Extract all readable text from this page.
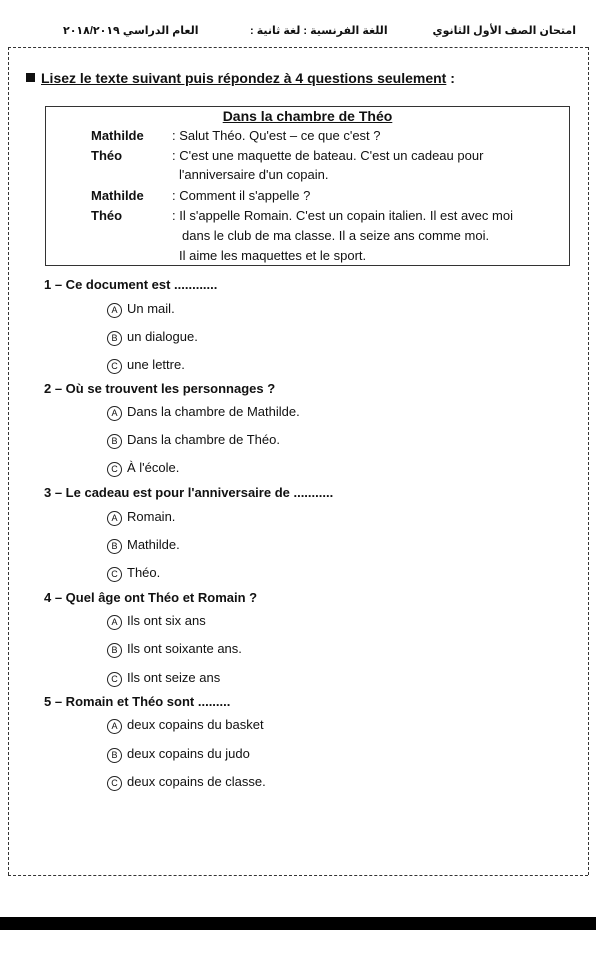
امتحان الصف الأول الثانوي
اللغة الفرنسية : لغة ثانية :
العام الدراسي ٢٠١٨/٢٠١٩
Lisez le texte suivant puis répondez à 4 questions seulement :
Dans la chambre de Théo
Mathilde : Salut Théo. Qu'est – ce que c'est ?
Théo	: C'est une maquette de bateau. C'est un cadeau pour
l'anniversaire d'un copain.
Mathilde : Comment il s'appelle ?
Théo	: Il s'appelle Romain. C'est un copain italien. Il est avec moi
dans le club de ma classe. Il a seize ans comme moi.
Il aime les maquettes et le sport.
1 – Ce document est ............
A Un mail.
B un dialogue.
C une lettre.
2 – Où se trouvent les personnages ?
A Dans la chambre de Mathilde.
B Dans la chambre de Théo.
C À l'école.
3 – Le cadeau est pour l'anniversaire de ...........
A Romain.
B Mathilde.
C Théo.
4 – Quel âge ont Théo et Romain ?
A Ils ont six ans
B Ils ont soixante ans.
C Ils ont seize ans
5 – Romain et Théo sont .........
A deux copains du basket
B deux copains du judo
C deux copains de classe.
